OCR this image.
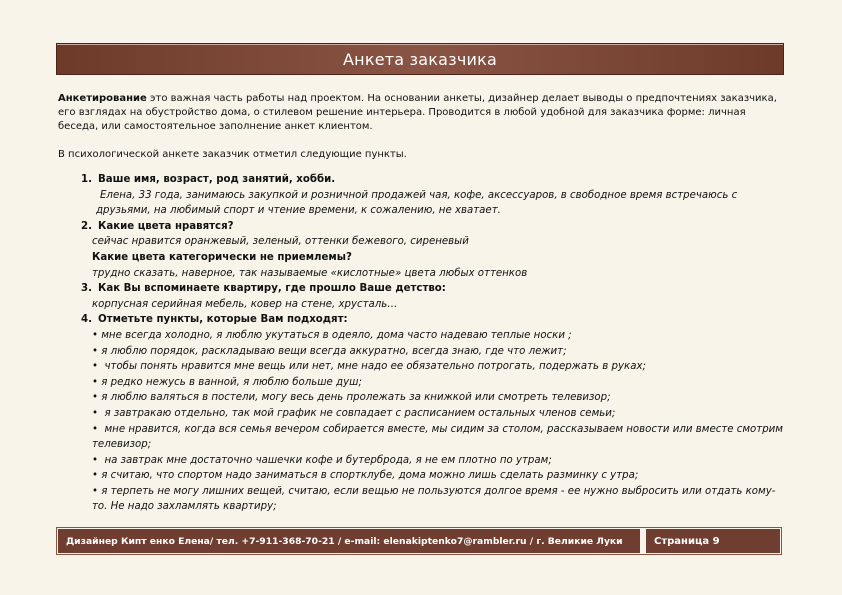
Анкета заказчика
Анкетирование это важная часть работы над проектом. На основании анкеты, дизайнер делает выводы о предпочтениях заказчика, его взглядах на обустройство дома, о стилевом решение интерьера. Проводится в любой удобной для заказчика форме: личная беседа, или самостоятельное заполнение анкет клиентом.
В психологической анкете заказчик отметил следующие пункты.
1. Ваше имя, возраст, род занятий, хобби.
Елена, 33 года, занимаюсь закупкой и розничной продажей чая, кофе, аксессуаров, в свободное время встречаюсь с друзьями, на любимый спорт и чтение времени, к сожалению, не хватает.
2. Какие цвета нравятся?
сейчас нравится оранжевый, зеленый, оттенки бежевого, сиреневый
Какие цвета категорически не приемлемы?
трудно сказать, наверное, так называемые «кислотные» цвета любых оттенков
3. Как Вы вспоминаете квартиру, где прошло Ваше детство:
корпусная серийная мебель, ковер на стене, хрусталь…
4. Отметьте пункты, которые Вам подходят:
• мне всегда холодно, я люблю укутаться в одеяло, дома часто надеваю теплые носки ;
• я люблю порядок, раскладываю вещи всегда аккуратно, всегда знаю, где что лежит;
•  чтобы понять нравится мне вещь или нет, мне надо ее обязательно потрогать, подержать в руках;
• я редко нежусь в ванной, я люблю больше душ;
• я люблю валяться в постели, могу весь день пролежать за книжкой или смотреть телевизор;
•  я завтракаю отдельно, так мой график не совпадает с расписанием остальных членов семьи;
•  мне нравится, когда вся семья вечером собирается вместе, мы сидим за столом, рассказываем новости или вместе смотрим телевизор;
•  на завтрак мне достаточно чашечки кофе и бутерброда, я не ем плотно по утрам;
• я считаю, что спортом надо заниматься в спортклубе, дома можно лишь сделать разминку с утра;
• я терпеть не могу лишних вещей, считаю, если вещью не пользуются долгое время - ее нужно выбросить или отдать кому-то. Не надо захламлять квартиру;
Дизайнер Кипт енко Елена/ тел. +7-911-368-70-21 / e-mail: elenakiptenko7@rambler.ru / г. Великие Луки	Страница 9
